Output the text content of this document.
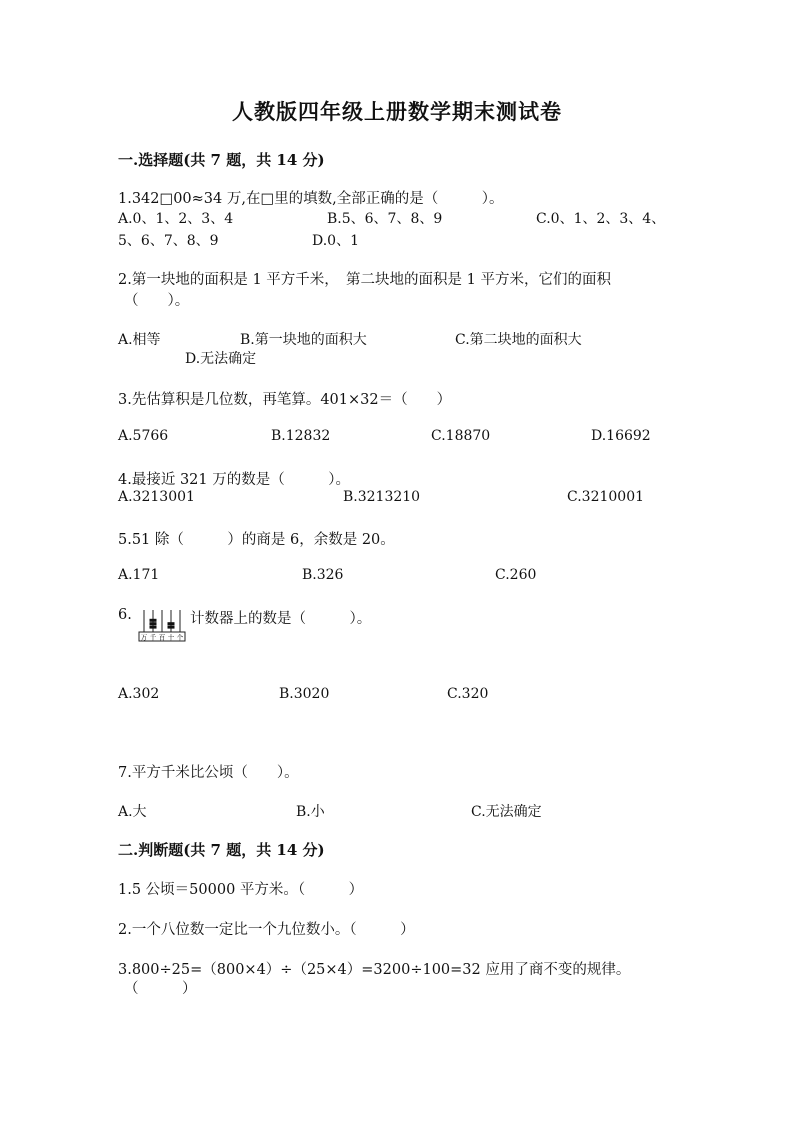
人教版四年级上册数学期末测试卷
一.选择题(共 7 题，共 14 分)
1.342□00≈34 万,在□里的填数,全部正确的是（　　　）。
A.0、1、2、3、4	B.5、6、7、8、9	C.0、1、2、3、4、
5、6、7、8、9	D.0、1
2.第一块地的面积是 1 平方千米，　第二块地的面积是 1 平方米，它们的面积
（　　）。
A.相等	B.第一块地的面积大	C.第二块地的面积大
D.无法确定
3.先估算积是几位数，再笔算。401×32＝（　　）
A.5766	B.12832	C.18870	D.16692
4.最接近 321 万的数是（　　　）。
A.3213001	B.3213210	C.3210001
5.51 除（　　　）的商是 6，余数是 20。
A.171	B.326	C.260
6.
万 千 百 十 个
计数器上的数是（　　　）。
A.302	B.3020	C.320
7.平方千米比公顷（　　）。
A.大	B.小	C.无法确定
二.判断题(共 7 题，共 14 分)
1.5 公顷＝50000 平方米。（　　　）
2.一个八位数一定比一个九位数小。（　　　）
3.800÷25=（800×4）÷（25×4）=3200÷100=32 应用了商不变的规律。
（　　　）
